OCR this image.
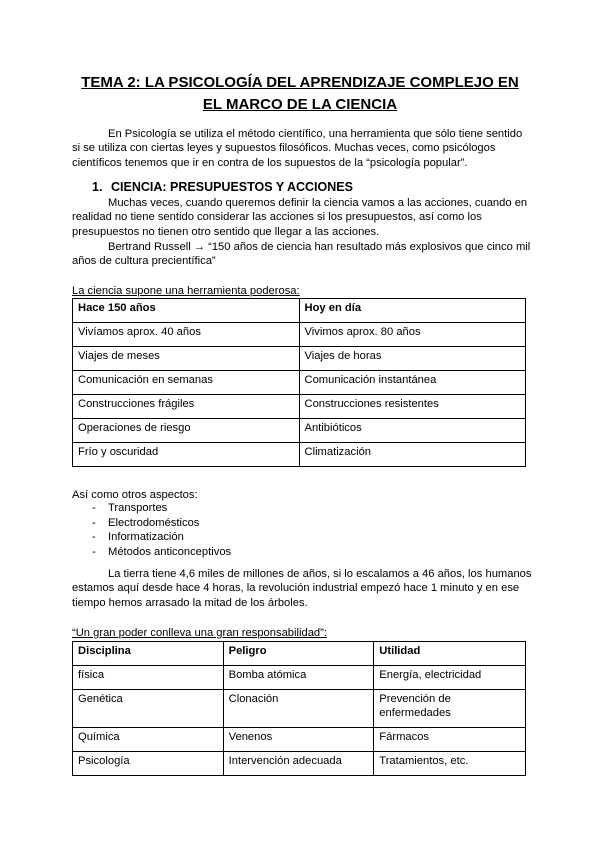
TEMA 2: LA PSICOLOGÍA DEL APRENDIZAJE COMPLEJO EN
EL MARCO DE LA CIENCIA

En Psicología se utiliza el método científico, una herramienta que sólo tiene sentido si se utiliza con ciertas leyes y supuestos filosóficos. Muchas veces, como psicólogos científicos tenemos que ir en contra de los supuestos de la “psicología popular”.

1. CIENCIA: PRESUPUESTOS Y ACCIONES

Muchas veces, cuando queremos definir la ciencia vamos a las acciones, cuando en realidad no tiene sentido considerar las acciones si los presupuestos, así como los presupuestos no tienen otro sentido que llegar a las acciones.

Bertrand Russell → “150 años de ciencia han resultado más explosivos que cinco mil años de cultura precientífica”

La ciencia supone una herramienta poderosa:
Hace 150 años	Hoy en día
Vivíamos aprox. 40 años	Vivimos aprox. 80 años
Viajes de meses	Viajes de horas
Comunicación en semanas	Comunicación instantánea
Construcciones frágiles	Construcciones resistentes
Operaciones de riesgo	Antibióticos
Frío y oscuridad	Climatización
Así como otros aspectos:
- Transportes
- Electrodomésticos
- Informatización
- Métodos anticonceptivos

La tierra tiene 4,6 miles de millones de años, si lo escalamos a 46 años, los humanos estamos aquí desde hace 4 horas, la revolución industrial empezó hace 1 minuto y en ese tiempo hemos arrasado la mitad de los árboles.

“Un gran poder conlleva una gran responsabilidad”:
Disciplina	Peligro	Utilidad
física	Bomba atómica	Energía, electricidad
Genética	Clonación	Prevención de enfermedades
Química	Venenos	Fármacos
Psicología	Intervención adecuada	Tratamientos, etc.
